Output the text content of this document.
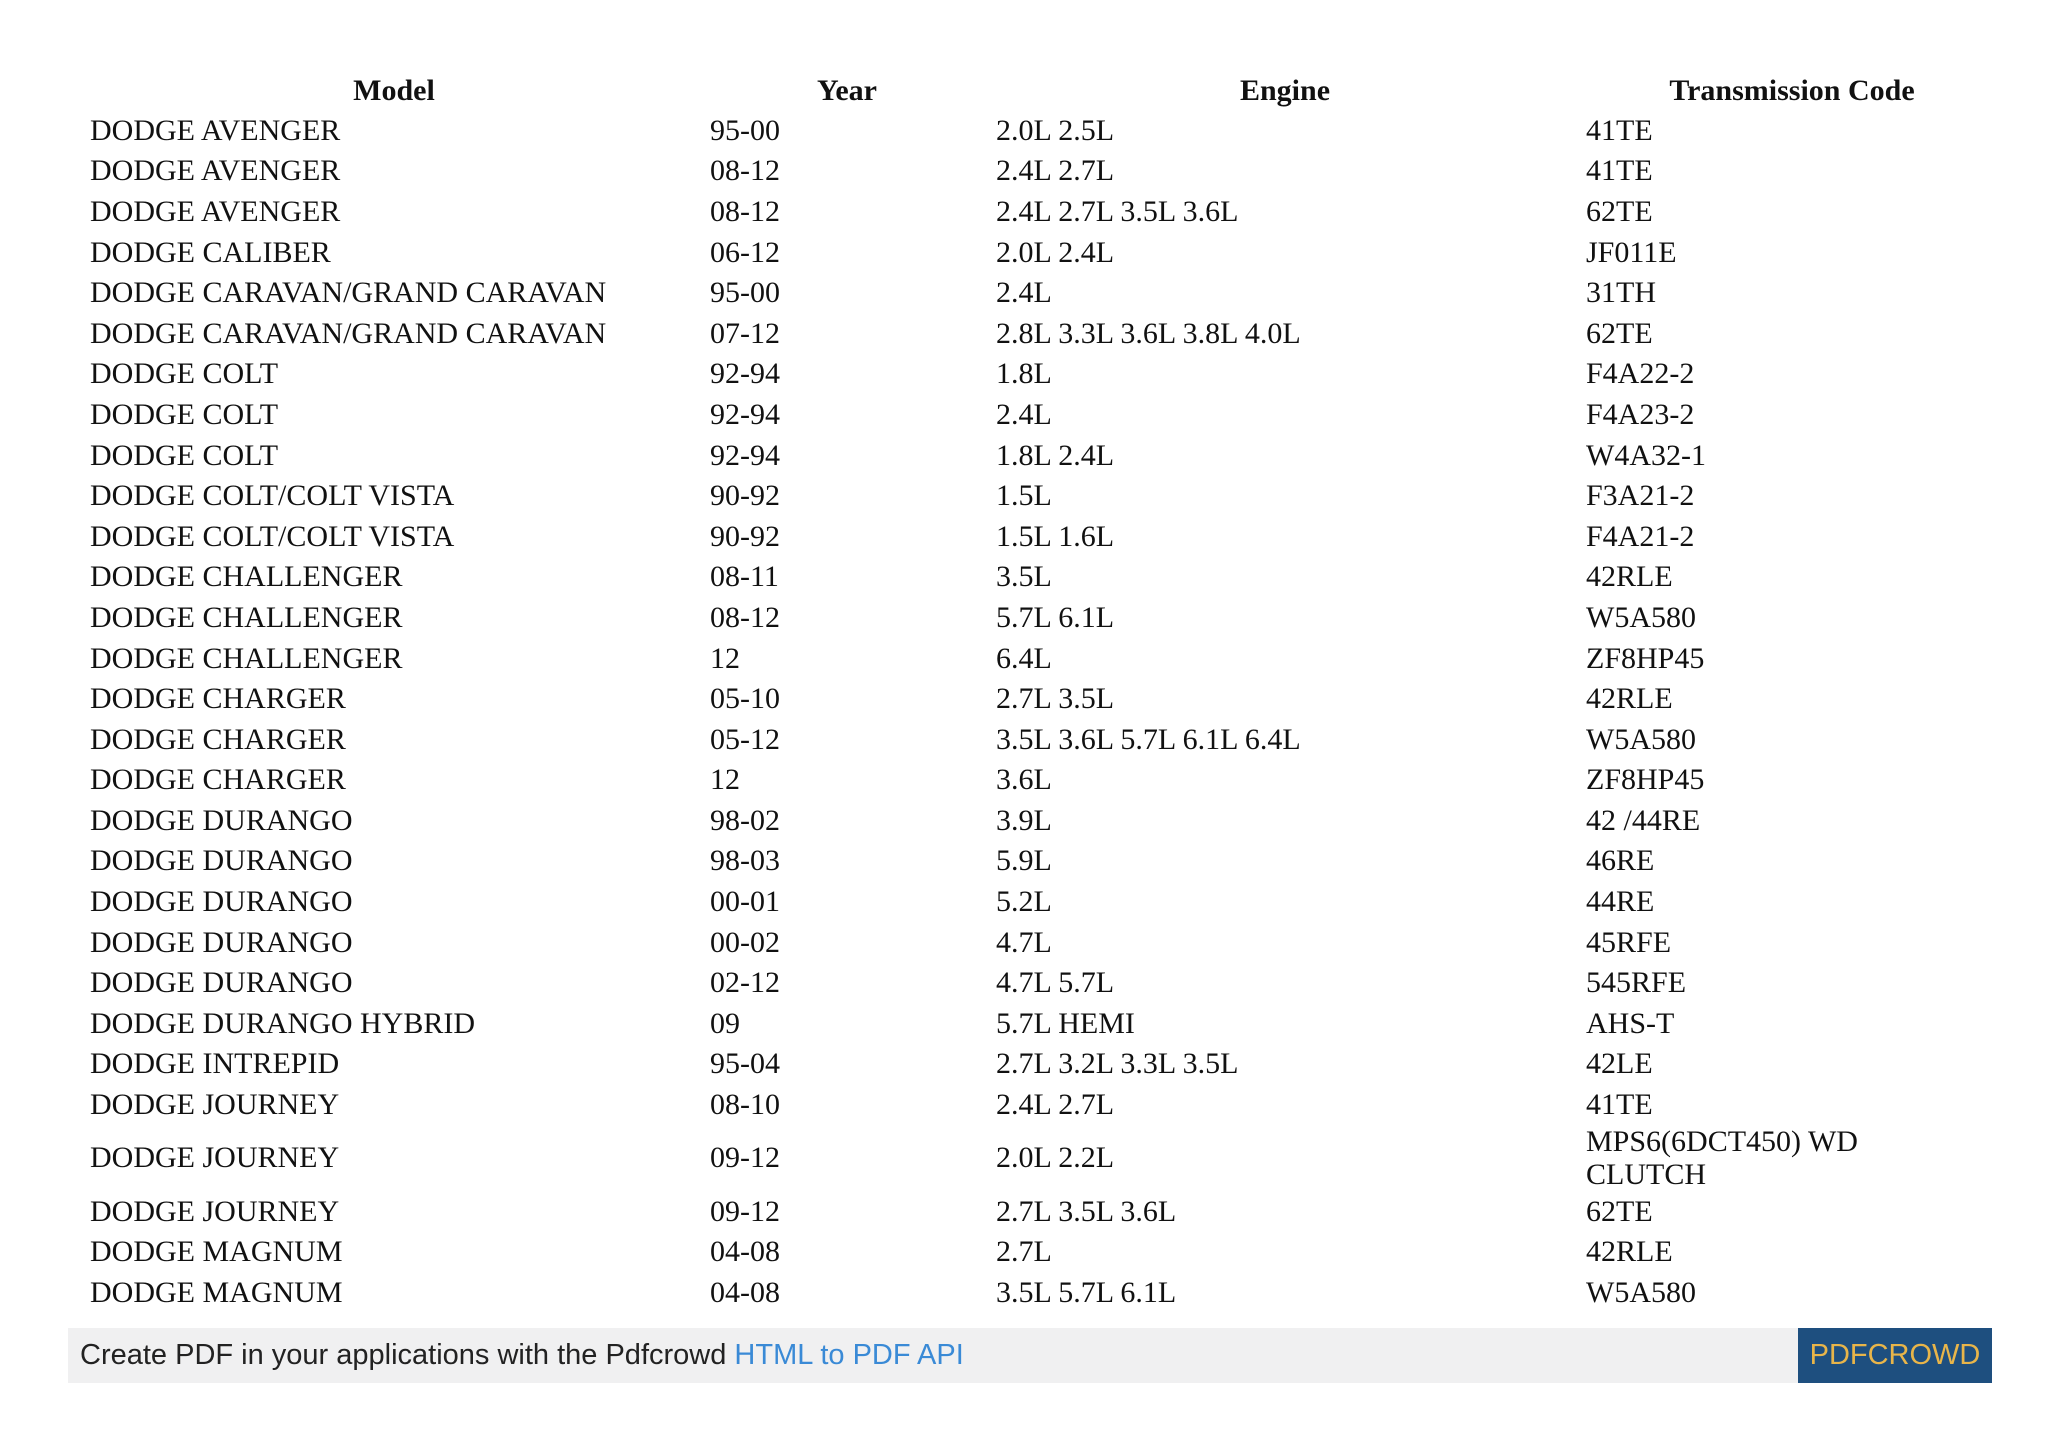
Model	Year	Engine	Transmission Code
DODGE AVENGER	95-00	2.0L 2.5L	41TE
DODGE AVENGER	08-12	2.4L 2.7L	41TE
DODGE AVENGER	08-12	2.4L 2.7L 3.5L 3.6L	62TE
DODGE CALIBER	06-12	2.0L 2.4L	JF011E
DODGE CARAVAN/GRAND CARAVAN	95-00	2.4L	31TH
DODGE CARAVAN/GRAND CARAVAN	07-12	2.8L 3.3L 3.6L 3.8L 4.0L	62TE
DODGE COLT	92-94	1.8L	F4A22-2
DODGE COLT	92-94	2.4L	F4A23-2
DODGE COLT	92-94	1.8L 2.4L	W4A32-1
DODGE COLT/COLT VISTA	90-92	1.5L	F3A21-2
DODGE COLT/COLT VISTA	90-92	1.5L 1.6L	F4A21-2
DODGE CHALLENGER	08-11	3.5L	42RLE
DODGE CHALLENGER	08-12	5.7L 6.1L	W5A580
DODGE CHALLENGER	12	6.4L	ZF8HP45
DODGE CHARGER	05-10	2.7L 3.5L	42RLE
DODGE CHARGER	05-12	3.5L 3.6L 5.7L 6.1L 6.4L	W5A580
DODGE CHARGER	12	3.6L	ZF8HP45
DODGE DURANGO	98-02	3.9L	42 /44RE
DODGE DURANGO	98-03	5.9L	46RE
DODGE DURANGO	00-01	5.2L	44RE
DODGE DURANGO	00-02	4.7L	45RFE
DODGE DURANGO	02-12	4.7L 5.7L	545RFE
DODGE DURANGO HYBRID	09	5.7L HEMI	AHS-T
DODGE INTREPID	95-04	2.7L 3.2L 3.3L 3.5L	42LE
DODGE JOURNEY	08-10	2.4L 2.7L	41TE
DODGE JOURNEY	09-12	2.0L 2.2L	MPS6(6DCT450) WD CLUTCH
DODGE JOURNEY	09-12	2.7L 3.5L 3.6L	62TE
DODGE MAGNUM	04-08	2.7L	42RLE
DODGE MAGNUM	04-08	3.5L 5.7L 6.1L	W5A580
Create PDF in your applications with the Pdfcrowd HTML to PDF API	PDFCROWD
